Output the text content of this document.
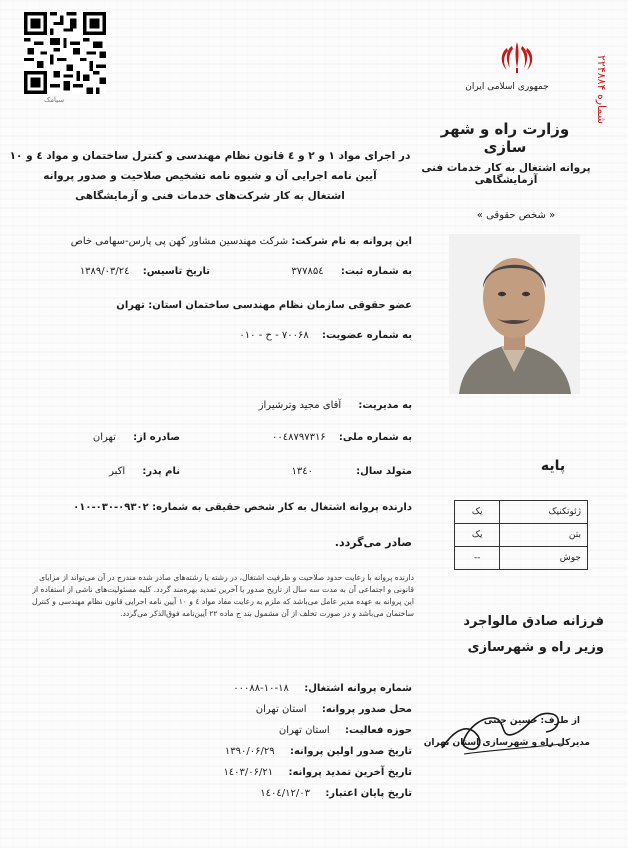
سیامک
شماره ۲۲۴۸۸۴
جمهوری اسلامی ایران
وزارت راه و شهر سازی
پروانه اشتغال به کار خدمات فنی آزمایشگاهی
« شخص حقوقی »
در اجرای مواد ۱ و ۲ و ٤ قانون نظام مهندسی و کنترل ساختمان و مواد ٤ و ۱۰
آیین نامه اجرایی آن و شیوه نامه تشخیص صلاحیت و صدور پروانه
اشتغال به کار شرکت‌های خدمات فنی و آزمایشگاهی
این پروانه به نام شرکت: شرکت مهندسین مشاور کهن پی پارس-سهامی خاص
به شماره ثبت: ۳۷۷۸۵٤
تاریخ تاسیس: ۱۳۸۹/۰۳/۲٤
عضو حقوقی سازمان نظام مهندسی ساختمان استان: تهران
به شماره عضویت: ۷۰۰۶۸ - ح - ۰۱۰
به مدیریت: آقای مجید وترشیراز
به شماره ملی: ۰۰٤۸۷۹۷۳۱۶
صادره از: تهران
متولد سال: ۱۳٤۰
نام پدر: اکبر
دارنده پروانه اشتغال به کار شخص حقیقی به شماره: ۰۹۳۰۲-۰۳۰-۰۱۰
صادر می‌گردد.
دارنده پروانه با رعایت حدود صلاحیت و ظرفیت اشتغال، در رشته یا رشته‌های صادر شده مندرج در آن می‌تواند از مزایای قانونی و اجتماعی آن به مدت سه سال از تاریخ صدور یا آخرین تمدید بهره‌مند گردد. کلیه مسئولیت‌های ناشی از استفاده از این پروانه به عهده مدیر عامل می‌باشد که ملزم به رعایت مفاد مواد ٤ و ۱۰ آیین نامه اجرایی قانون نظام مهندسی و کنترل ساختمان می‌باشد و در صورت تخلف از آن مشمول بند ج ماده ۲۲ آیین‌نامه فوق‌الذکر می‌گردد.
شماره پروانه اشتغال: ۱۸-۱۰-۰۰۰۸۸
محل صدور پروانه: استان تهران
حوزه فعالیت: استان تهران
تاریخ صدور اولین پروانه: ۱۳۹۰/۰۶/۲۹
تاریخ آخرین تمدید پروانه: ۱٤۰۳/۰۶/۲۱
تاریخ پایان اعتبار: ۱٤۰٤/۱۲/۰۳
پایه
یک	ژئوتکنیک
یک	بتن
--	جوش
فرزانه صادق مالواجرد
وزیر راه و شهرسازی
از طرف: حسین جنتی
مدیرکل راه و شهرسازی استان تهران
